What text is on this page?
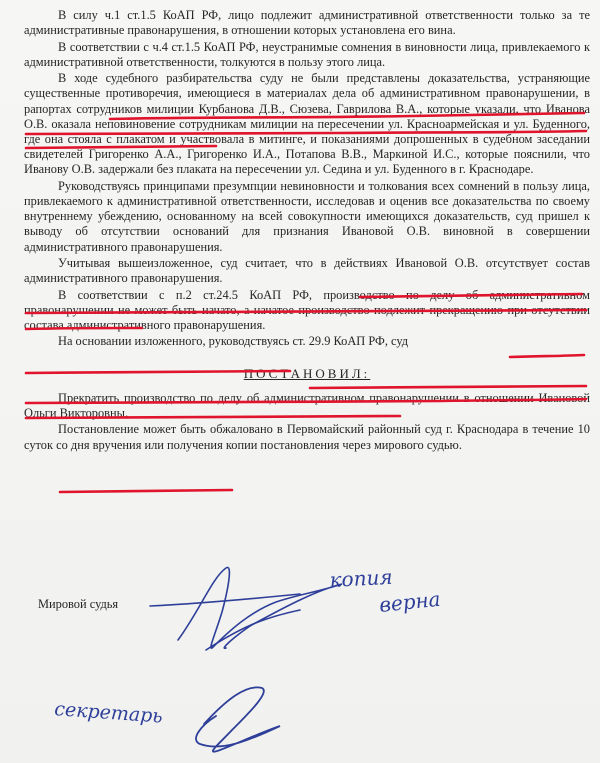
В силу ч.1 ст.1.5 КоАП РФ, лицо подлежит административной ответственности только за те административные правонарушения, в отношении которых установлена его вина.

В соответствии с ч.4 ст.1.5 КоАП РФ, неустранимые сомнения в виновности лица, привлекаемого к административной ответственности, толкуются в пользу этого лица.

В ходе судебного разбирательства суду не были представлены доказательства, устраняющие существенные противоречия, имеющиеся в материалах дела об административном правонарушении, в рапортах сотрудников милиции Курбанова Д.В., Сюзева, Гаврилова В.А., которые указали, что Иванова О.В. оказала неповиновение сотрудникам милиции на пересечении ул. Красноармейская и ул. Буденного, где она стояла с плакатом и участвовала в митинге, и показаниями допрошенных в судебном заседании свидетелей Григоренко А.А., Григоренко И.А., Потапова В.В., Маркиной И.С., которые пояснили, что Иванову О.В. задержали без плаката на пересечении ул. Седина и ул. Буденного в г. Краснодаре.

Руководствуясь принципами презумпции невиновности и толкования всех сомнений в пользу лица, привлекаемого к административной ответственности, исследовав и оценив все доказательства по своему внутреннему убеждению, основанному на всей совокупности имеющихся доказательств, суд пришел к выводу об отсутствии оснований для признания Ивановой О.В. виновной в совершении административного правонарушения.

Учитывая вышеизложенное, суд считает, что в действиях Ивановой О.В. отсутствует состав административного правонарушения.

В соответствии с п.2 ст.24.5 КоАП РФ, производство по делу об административном правонарушении не может быть начато, а начатое производство подлежит прекращению при отсутствии состава административного правонарушения.

На основании изложенного, руководствуясь ст. 29.9 КоАП РФ, суд

ПОСТАНОВИЛ:

Прекратить производство по делу об административном правонарушении в отношении Ивановой Ольги Викторовны.

Постановление может быть обжаловано в Первомайский районный суд г. Краснодара в течение 10 суток со дня вручения или получения копии постановления через мирового судью.

Мировой судья
копия
верна
секретарь
